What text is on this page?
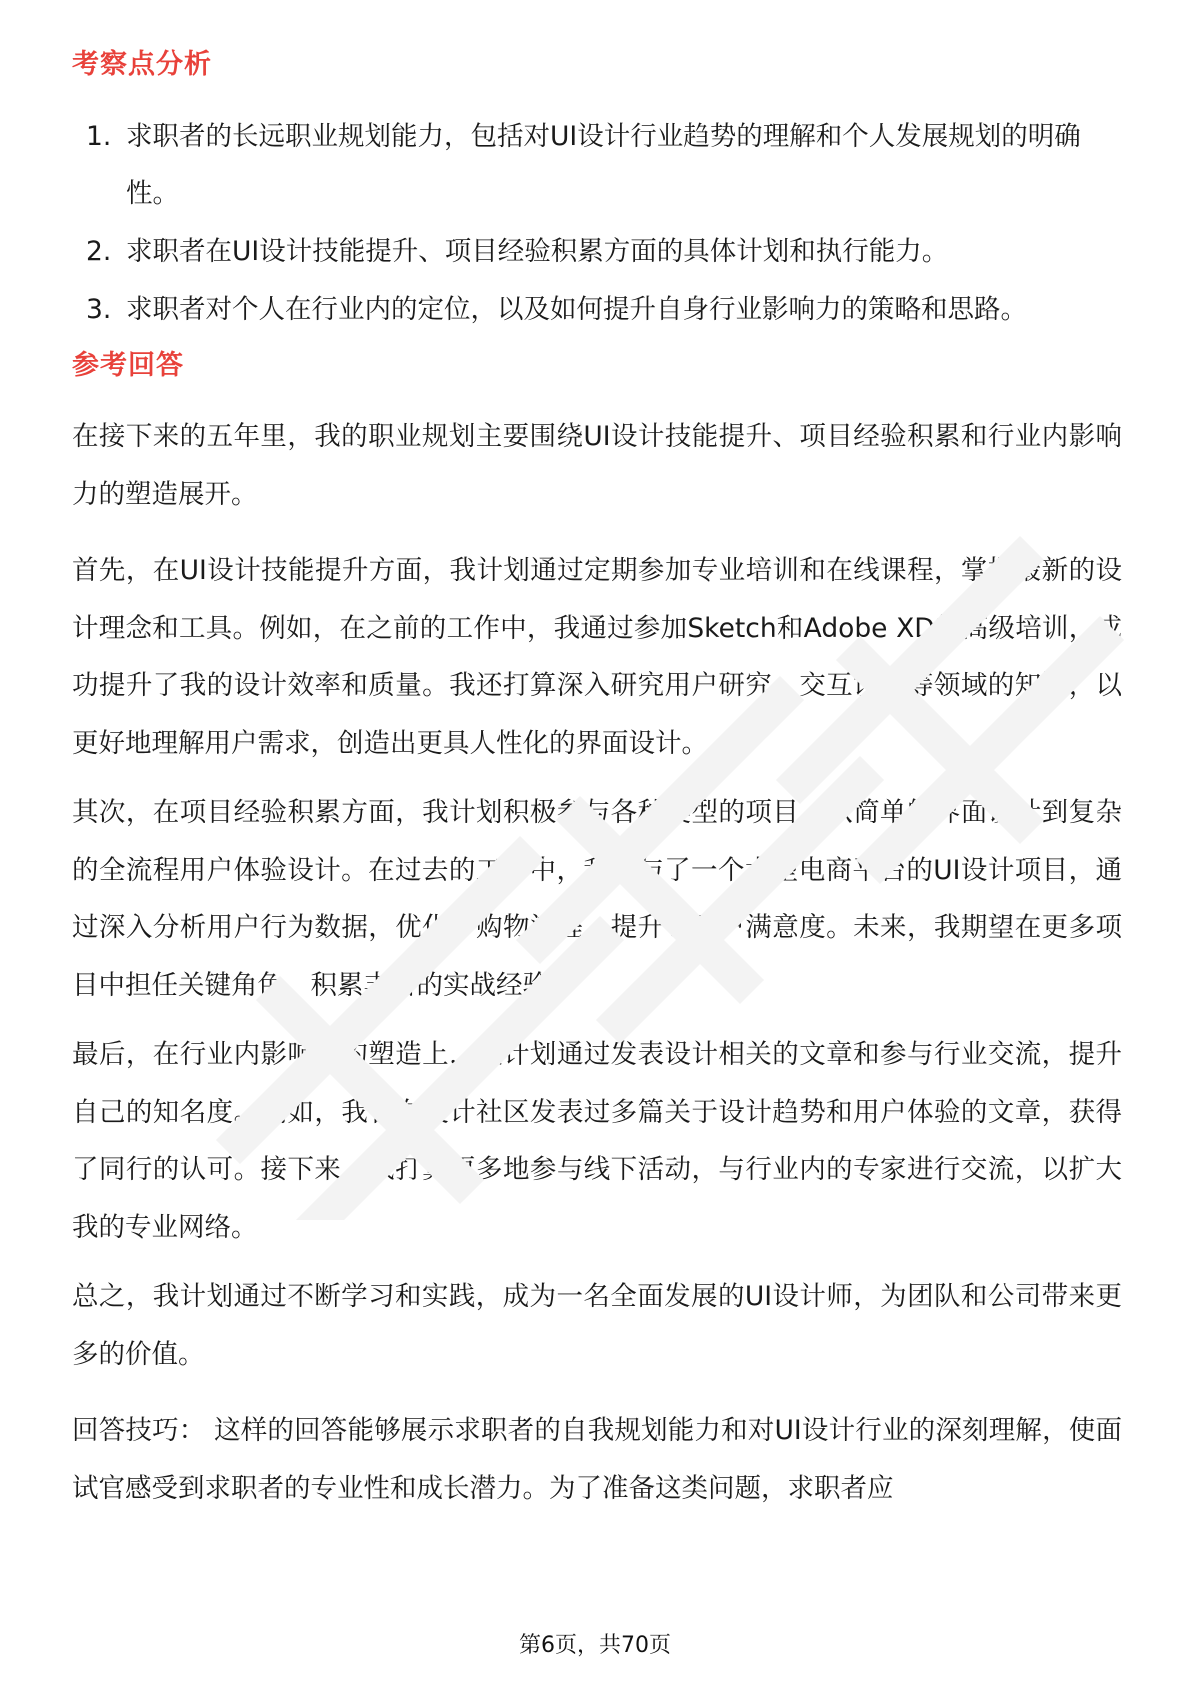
考察点分析
1. 求职者的长远职业规划能力，包括对UI设计行业趋势的理解和个人发展规划的明确性。
2. 求职者在UI设计技能提升、项目经验积累方面的具体计划和执行能力。
3. 求职者对个人在行业内的定位，以及如何提升自身行业影响力的策略和思路。
参考回答

在接下来的五年里，我的职业规划主要围绕UI设计技能提升、项目经验积累和行业内影响力的塑造展开。

首先，在UI设计技能提升方面，我计划通过定期参加专业培训和在线课程，掌握最新的设计理念和工具。例如，在之前的工作中，我通过参加Sketch和Adobe XD的高级培训，成功提升了我的设计效率和质量。我还打算深入研究用户研究、交互设计等领域的知识，以更好地理解用户需求，创造出更具人性化的界面设计。

其次，在项目经验积累方面，我计划积极参与各种类型的项目，从简单的界面设计到复杂的全流程用户体验设计。在过去的工作中，我参与了一个大型电商平台的UI设计项目，通过深入分析用户行为数据，优化了购物流程，提升了用户满意度。未来，我期望在更多项目中担任关键角色，积累丰富的实战经验。

最后，在行业内影响力的塑造上，我计划通过发表设计相关的文章和参与行业交流，提升自己的知名度。例如，我曾在设计社区发表过多篇关于设计趋势和用户体验的文章，获得了同行的认可。接下来，我打算更多地参与线下活动，与行业内的专家进行交流，以扩大我的专业网络。

总之，我计划通过不断学习和实践，成为一名全面发展的UI设计师，为团队和公司带来更多的价值。

回答技巧： 这样的回答能够展示求职者的自我规划能力和对UI设计行业的深刻理解，使面试官感受到求职者的专业性和成长潜力。为了准备这类问题，求职者应

第6页，共70页
